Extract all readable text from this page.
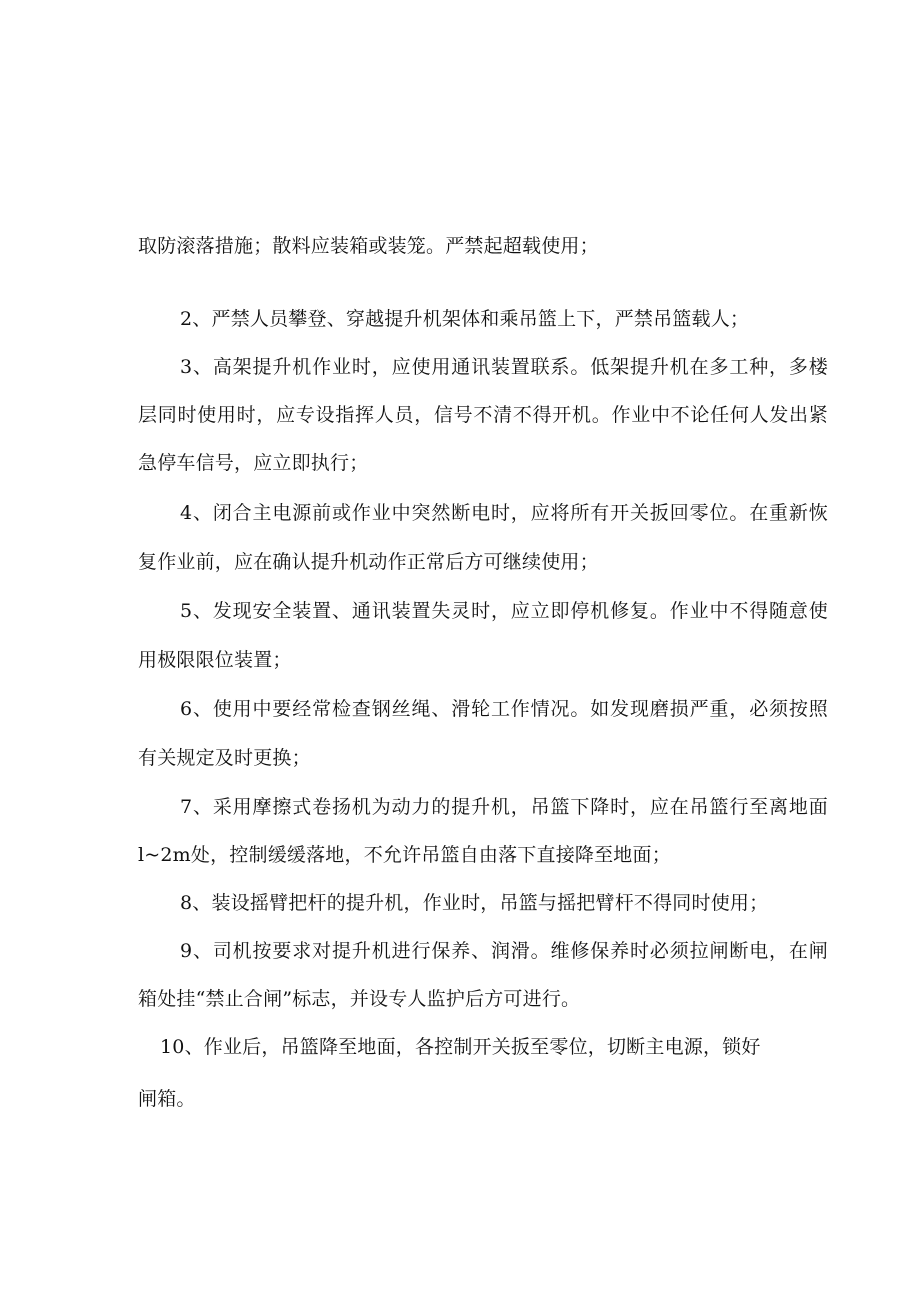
取防滚落措施；散料应装箱或装笼。严禁起超载使用；
2、严禁人员攀登、穿越提升机架体和乘吊篮上下，严禁吊篮载人；
3、高架提升机作业时，应使用通讯装置联系。低架提升机在多工种，多楼
层同时使用时，应专设指挥人员，信号不清不得开机。作业中不论任何人发出紧
急停车信号，应立即执行；
4、闭合主电源前或作业中突然断电时，应将所有开关扳回零位。在重新恢
复作业前，应在确认提升机动作正常后方可继续使用；
5、发现安全装置、通讯装置失灵时，应立即停机修复。作业中不得随意使
用极限限位装置；
6、使用中要经常检查钢丝绳、滑轮工作情况。如发现磨损严重，必须按照
有关规定及时更换；
7、采用摩擦式卷扬机为动力的提升机，吊篮下降时，应在吊篮行至离地面
l~2m处，控制缓缓落地，不允许吊篮自由落下直接降至地面；
8、装设摇臂把杆的提升机，作业时，吊篮与摇把臂杆不得同时使用；
9、司机按要求对提升机进行保养、润滑。维修保养时必须拉闸断电，在闸
箱处挂“禁止合闸”标志，并设专人监护后方可进行。
10、作业后，吊篮降至地面，各控制开关扳至零位，切断主电源，锁好
闸箱。
